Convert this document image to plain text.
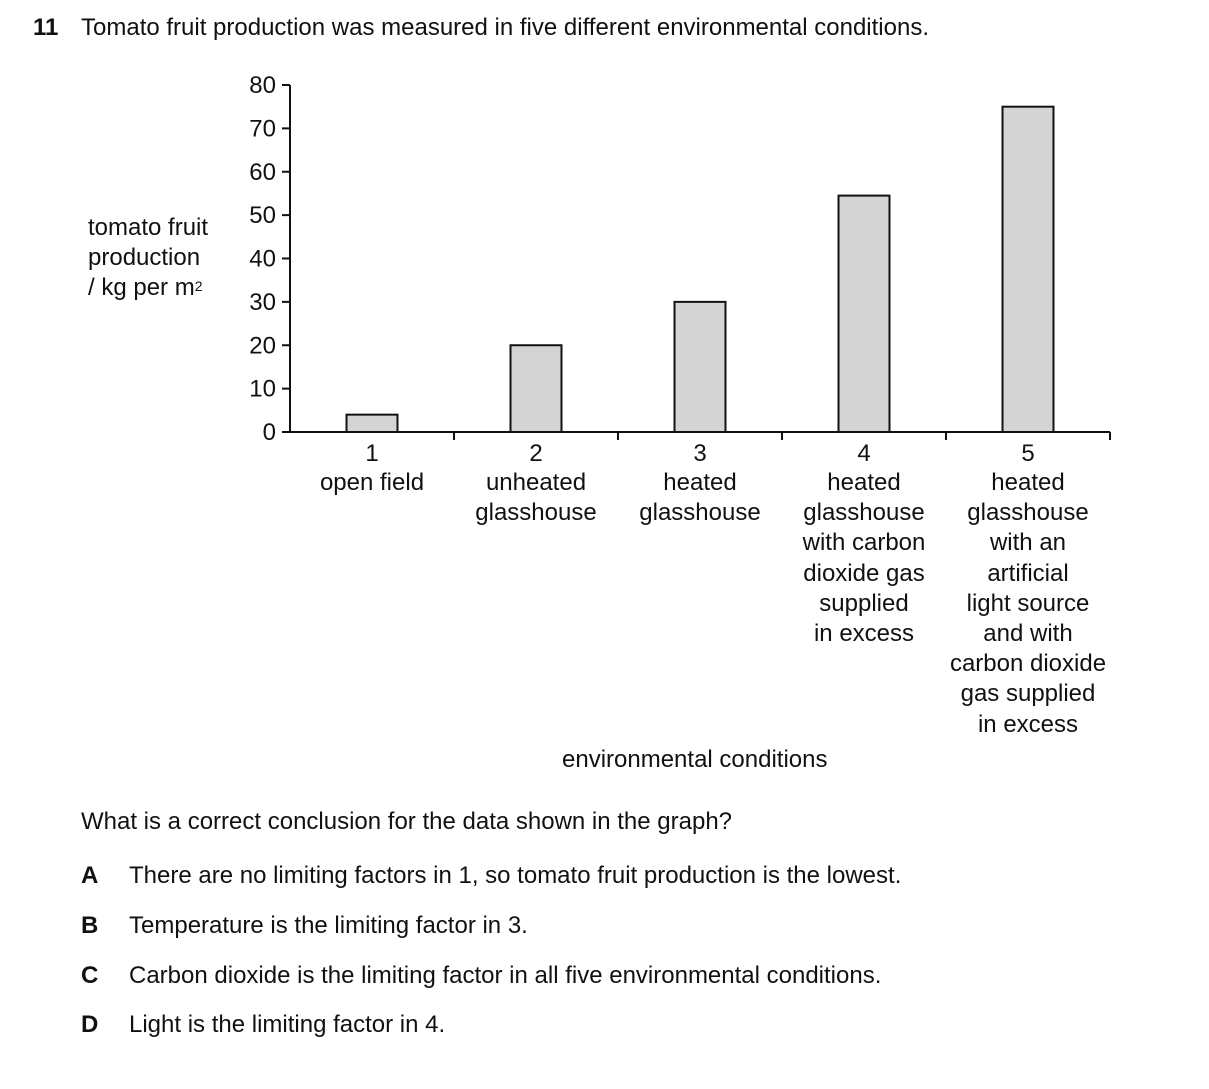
11 Tomato fruit production was measured in five different environmental conditions.
tomato fruit
production
/ kg per $m^2$
0
10
20
30
40
50
60
70
80
1	2	3	4	5
open field	unheated
glasshouse
heated
glasshouse
heated
glasshouse
with carbon
dioxide gas
supplied
in excess
heated
glasshouse
with an
artificial
light source
and with
carbon dioxide
gas supplied
in excess
environmental conditions
What is a correct conclusion for the data shown in the graph?
A There are no limiting factors in 1, so tomato fruit production is the lowest.
B Temperature is the limiting factor in 3.
C Carbon dioxide is the limiting factor in all five environmental conditions.
D Light is the limiting factor in 4.
